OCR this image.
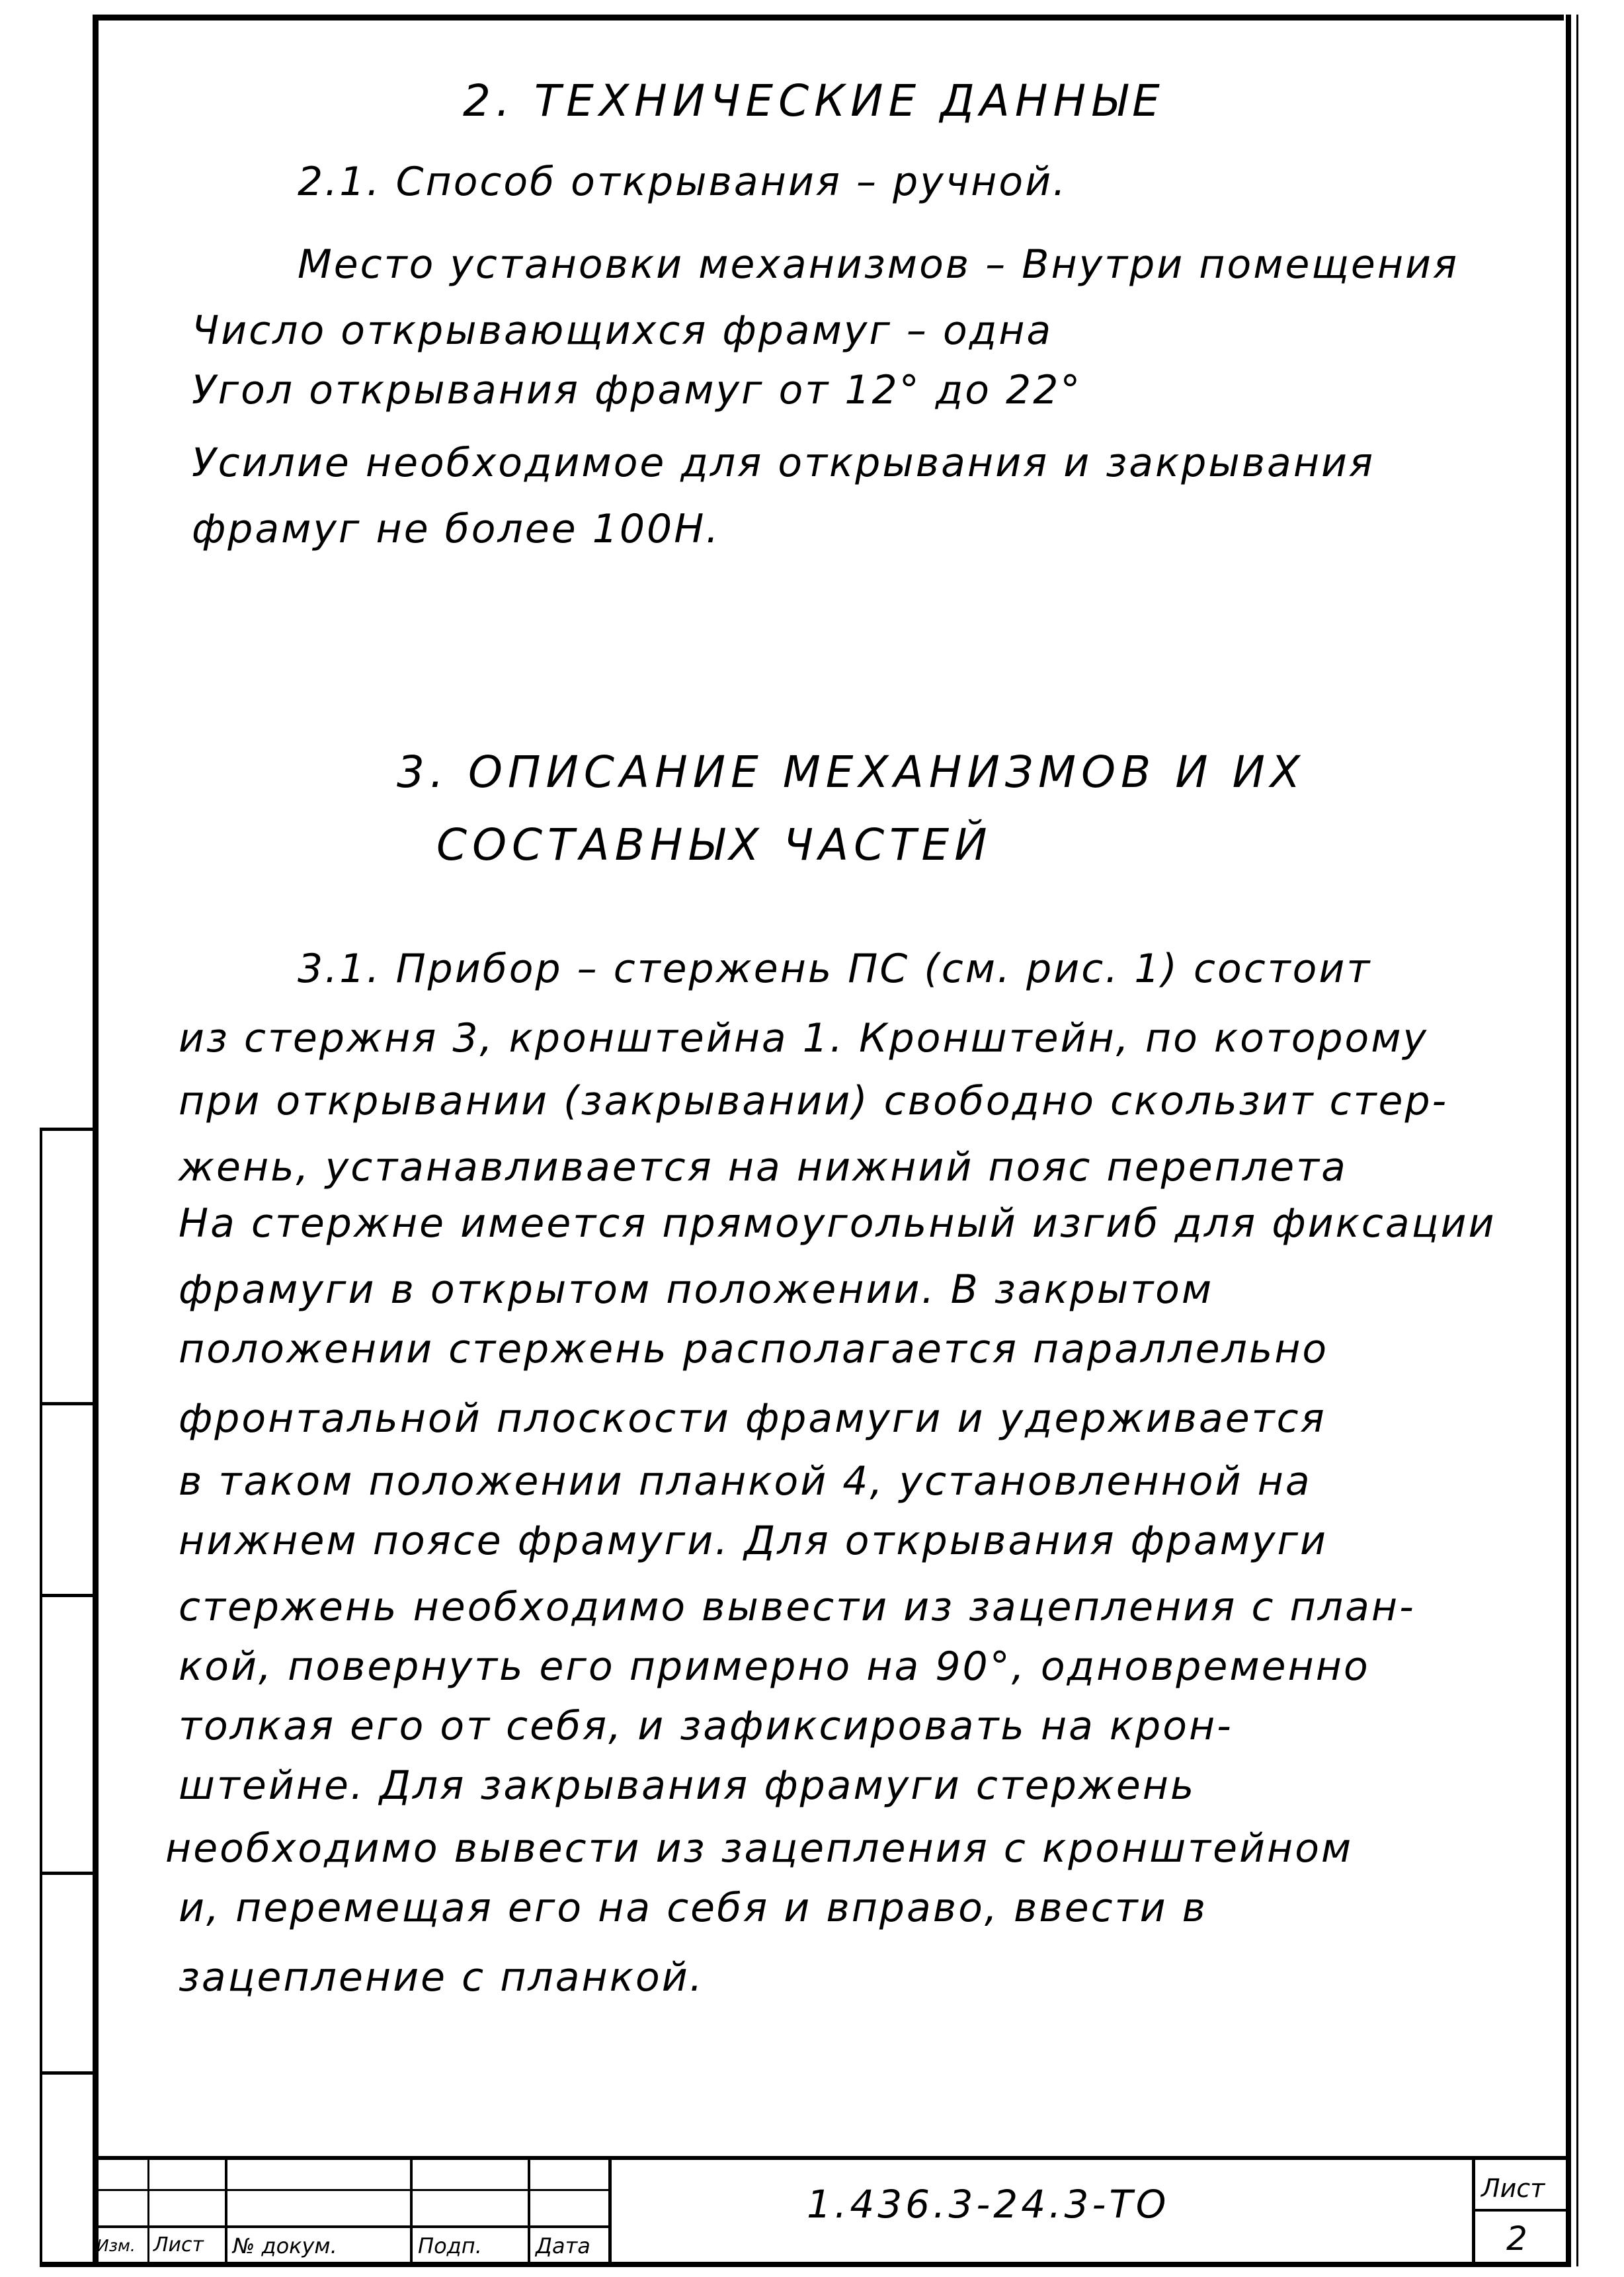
2. ТЕХНИЧЕСКИЕ ДАННЫЕ
2.1. Способ открывания – ручной.
Место установки механизмов – Внутри помещения
Число открывающихся фрамуг – одна
Угол открывания фрамуг от 12° до 22°
Усилие необходимое для открывания и закрывания
фрамуг не более 100Н.
3. ОПИСАНИЕ МЕХАНИЗМОВ И ИХ
СОСТАВНЫХ ЧАСТЕЙ
3.1. Прибор – стержень ПС (см. рис. 1) состоит
из стержня 3, кронштейна 1. Кронштейн, по которому
при открывании (закрывании) свободно скользит стер-
жень, устанавливается на нижний пояс переплета
На стержне имеется прямоугольный изгиб для фиксации
фрамуги в открытом положении. В закрытом
положении стержень располагается параллельно
фронтальной плоскости фрамуги и удерживается
в таком положении планкой 4, установленной на
нижнем поясе фрамуги. Для открывания фрамуги
стержень необходимо вывести из зацепления с план-
кой, повернуть его примерно на 90°, одновременно
толкая его от себя, и зафиксировать на крон-
штейне. Для закрывания фрамуги стержень
необходимо вывести из зацепления с кронштейном
и, перемещая его на себя и вправо, ввести в
зацепление с планкой.
Изм. Лист № докум.	Подп.	Дата
1.436.3-24.3-ТО	Лист
2
